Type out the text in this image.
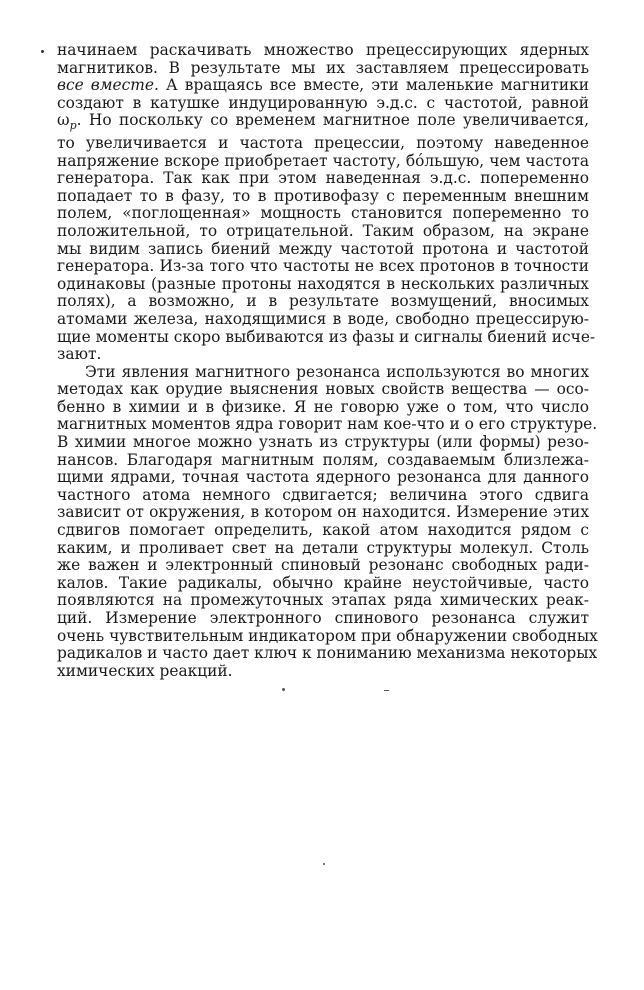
начинаем раскачивать множество прецессирующих ядерных
магнитиков. В результате мы их заставляем прецессировать
все вместе. А вращаясь все вместе, эти маленькие магнитики
создают в катушке индуцированную э.д.с. с частотой, равной
$\omega_p$. Но поскольку со временем магнитное поле увеличивается,
то увеличивается и частота прецессии, поэтому наведенное
напряжение вскоре приобретает частоту, бо́льшую, чем частота
генератора. Так как при этом наведенная э.д.с. попеременно
попадает то в фазу, то в противофазу с переменным внешним
полем, «поглощенная» мощность становится попеременно то
положительной, то отрицательной. Таким образом, на экране
мы видим запись биений между частотой протона и частотой
генератора. Из-за того что частоты не всех протонов в точности
одинаковы (разные протоны находятся в нескольких различных
полях), а возможно, и в результате возмущений, вносимых
атомами железа, находящимися в воде, свободно прецессирую-
щие моменты скоро выбиваются из фазы и сигналы биений исче-
зают.
Эти явления магнитного резонанса используются во многих
методах как орудие выяснения новых свойств вещества — осо-
бенно в химии и в физике. Я не говорю уже о том, что число
магнитных моментов ядра говорит нам кое-что и о его структуре.
В химии многое можно узнать из структуры (или формы) резо-
нансов. Благодаря магнитным полям, создаваемым близлежа-
щими ядрами, точная частота ядерного резонанса для данного
частного атома немного сдвигается; величина этого сдвига
зависит от окружения, в котором он находится. Измерение этих
сдвигов помогает определить, какой атом находится рядом с
каким, и проливает свет на детали структуры молекул. Столь
же важен и электронный спиновый резонанс свободных ради-
калов. Такие радикалы, обычно крайне неустойчивые, часто
появляются на промежуточных этапах ряда химических реак-
ций. Измерение электронного спинового резонанса служит
очень чувствительным индикатором при обнаружении свободных
радикалов и часто дает ключ к пониманию механизма некоторых
химических реакций.
